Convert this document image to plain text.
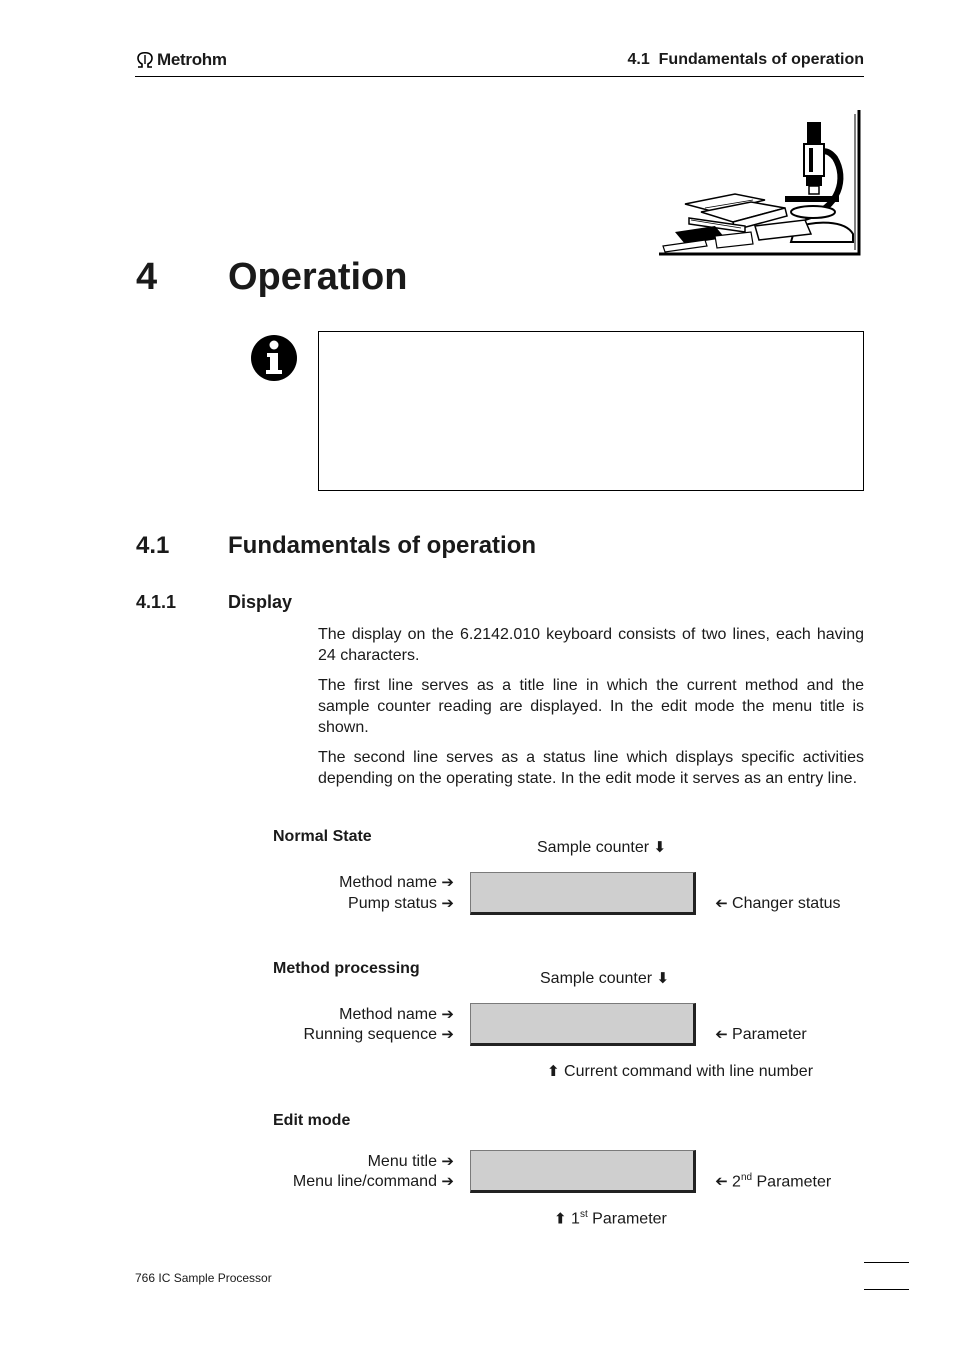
Metrohm	4.1  Fundamentals of operation
4 Operation
4.1 Fundamentals of operation
4.1.1	Display
The display on the 6.2142.010 keyboard consists of two lines, each having 24 characters.
The first line serves as a title line in which the current method and the sample counter reading are displayed. In the edit mode the menu title is shown.
The second line serves as a status line which displays specific activities depending on the operating state. In the edit mode it serves as an entry line.
Normal State
Sample counter ⬇
Method name ➔
Pump status ➔	➔ Changer status
Method processing
Sample counter ⬇
Method name ➔
Running sequence ➔	➔ Parameter
⬆ Current command with line number
Edit mode
Menu title ➔
Menu line/command ➔	➔ 2nd Parameter
⬆ 1st Parameter
766 IC Sample Processor
